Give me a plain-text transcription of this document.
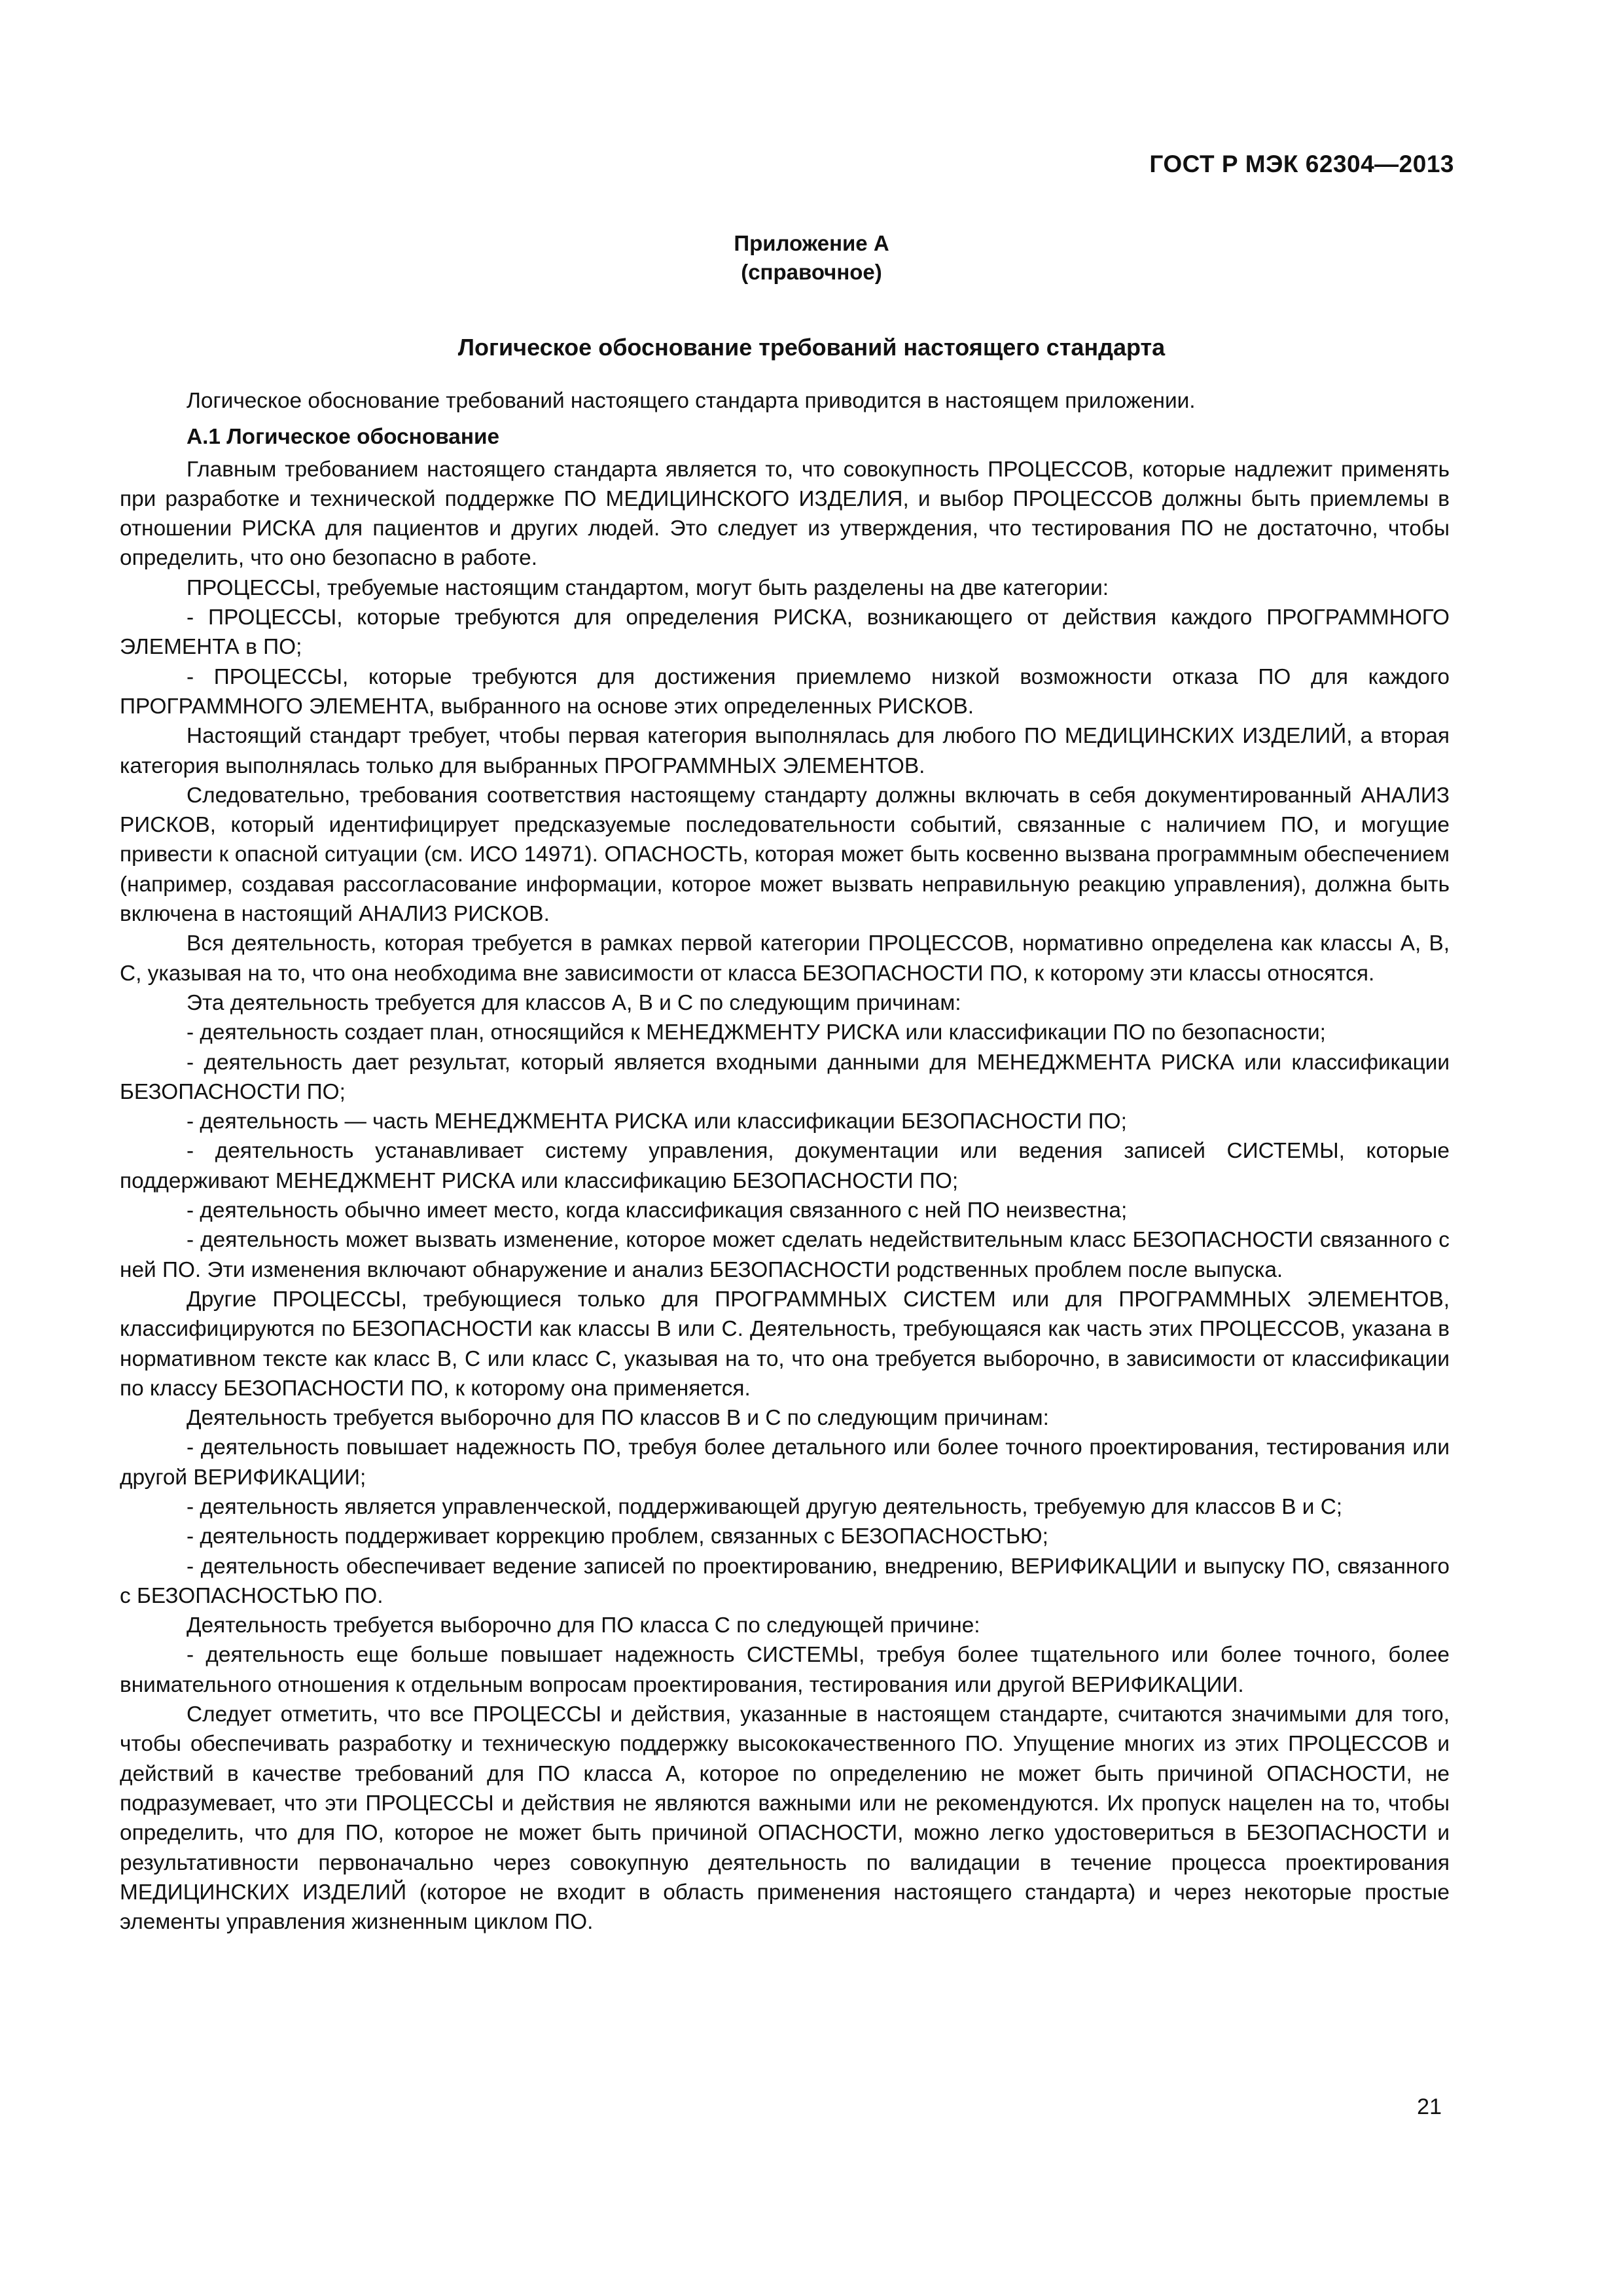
ГОСТ Р МЭК 62304—2013
Приложение А
(справочное)
Логическое обоснование требований настоящего стандарта

Логическое обоснование требований настоящего стандарта приводится в настоящем приложении.

А.1 Логическое обоснование

Главным требованием настоящего стандарта является то, что совокупность ПРОЦЕССОВ, которые надлежит применять при разработке и технической поддержке ПО МЕДИЦИНСКОГО ИЗДЕЛИЯ, и выбор ПРОЦЕССОВ должны быть приемлемы в отношении РИСКА для пациентов и других людей. Это следует из утверждения, что тестирования ПО не достаточно, чтобы определить, что оно безопасно в работе.

ПРОЦЕССЫ, требуемые настоящим стандартом, могут быть разделены на две категории:

- ПРОЦЕССЫ, которые требуются для определения РИСКА, возникающего от действия каждого ПРОГРАММНОГО ЭЛЕМЕНТА в ПО;

- ПРОЦЕССЫ, которые требуются для достижения приемлемо низкой возможности отказа ПО для каждого ПРОГРАММНОГО ЭЛЕМЕНТА, выбранного на основе этих определенных РИСКОВ.

Настоящий стандарт требует, чтобы первая категория выполнялась для любого ПО МЕДИЦИНСКИХ ИЗДЕЛИЙ, а вторая категория выполнялась только для выбранных ПРОГРАММНЫХ ЭЛЕМЕНТОВ.

Следовательно, требования соответствия настоящему стандарту должны включать в себя документированный АНАЛИЗ РИСКОВ, который идентифицирует предсказуемые последовательности событий, связанные с наличием ПО, и могущие привести к опасной ситуации (см. ИСО 14971). ОПАСНОСТЬ, которая может быть косвенно вызвана программным обеспечением (например, создавая рассогласование информации, которое может вызвать неправильную реакцию управления), должна быть включена в настоящий АНАЛИЗ РИСКОВ.

Вся деятельность, которая требуется в рамках первой категории ПРОЦЕССОВ, нормативно определена как классы A, B, C, указывая на то, что она необходима вне зависимости от класса БЕЗОПАСНОСТИ ПО, к которому эти классы относятся.

Эта деятельность требуется для классов A, B и C по следующим причинам:

- деятельность создает план, относящийся к МЕНЕДЖМЕНТУ РИСКА или классификации ПО по безопасности;

- деятельность дает результат, который является входными данными для МЕНЕДЖМЕНТА РИСКА или классификации БЕЗОПАСНОСТИ ПО;

- деятельность — часть МЕНЕДЖМЕНТА РИСКА или классификации БЕЗОПАСНОСТИ ПО;

- деятельность устанавливает систему управления, документации или ведения записей СИСТЕМЫ, которые поддерживают МЕНЕДЖМЕНТ РИСКА или классификацию БЕЗОПАСНОСТИ ПО;

- деятельность обычно имеет место, когда классификация связанного с ней ПО неизвестна;

- деятельность может вызвать изменение, которое может сделать недействительным класс БЕЗОПАСНОСТИ связанного с ней ПО. Эти изменения включают обнаружение и анализ БЕЗОПАСНОСТИ родственных проблем после выпуска.

Другие ПРОЦЕССЫ, требующиеся только для ПРОГРАММНЫХ СИСТЕМ или для ПРОГРАММНЫХ ЭЛЕМЕНТОВ, классифицируются по БЕЗОПАСНОСТИ как классы B или C. Деятельность, требующаяся как часть этих ПРОЦЕССОВ, указана в нормативном тексте как класс B, C или класс C, указывая на то, что она требуется выборочно, в зависимости от классификации по классу БЕЗОПАСНОСТИ ПО, к которому она применяется.

Деятельность требуется выборочно для ПО классов B и C по следующим причинам:

- деятельность повышает надежность ПО, требуя более детального или более точного проектирования, тестирования или другой ВЕРИФИКАЦИИ;

- деятельность является управленческой, поддерживающей другую деятельность, требуемую для классов B и C;

- деятельность поддерживает коррекцию проблем, связанных с БЕЗОПАСНОСТЬЮ;

- деятельность обеспечивает ведение записей по проектированию, внедрению, ВЕРИФИКАЦИИ и выпуску ПО, связанного с БЕЗОПАСНОСТЬЮ ПО.

Деятельность требуется выборочно для ПО класса C по следующей причине:

- деятельность еще больше повышает надежность СИСТЕМЫ, требуя более тщательного или более точного, более внимательного отношения к отдельным вопросам проектирования, тестирования или другой ВЕРИФИКАЦИИ.

Следует отметить, что все ПРОЦЕССЫ и действия, указанные в настоящем стандарте, считаются значимыми для того, чтобы обеспечивать разработку и техническую поддержку высококачественного ПО. Упущение многих из этих ПРОЦЕССОВ и действий в качестве требований для ПО класса A, которое по определению не может быть причиной ОПАСНОСТИ, не подразумевает, что эти ПРОЦЕССЫ и действия не являются важными или не рекомендуются. Их пропуск нацелен на то, чтобы определить, что для ПО, которое не может быть причиной ОПАСНОСТИ, можно легко удостовериться в БЕЗОПАСНОСТИ и результативности первоначально через совокупную деятельность по валидации в течение процесса проектирования МЕДИЦИНСКИХ ИЗДЕЛИЙ (которое не входит в область применения настоящего стандарта) и через некоторые простые элементы управления жизненным циклом ПО.

21
